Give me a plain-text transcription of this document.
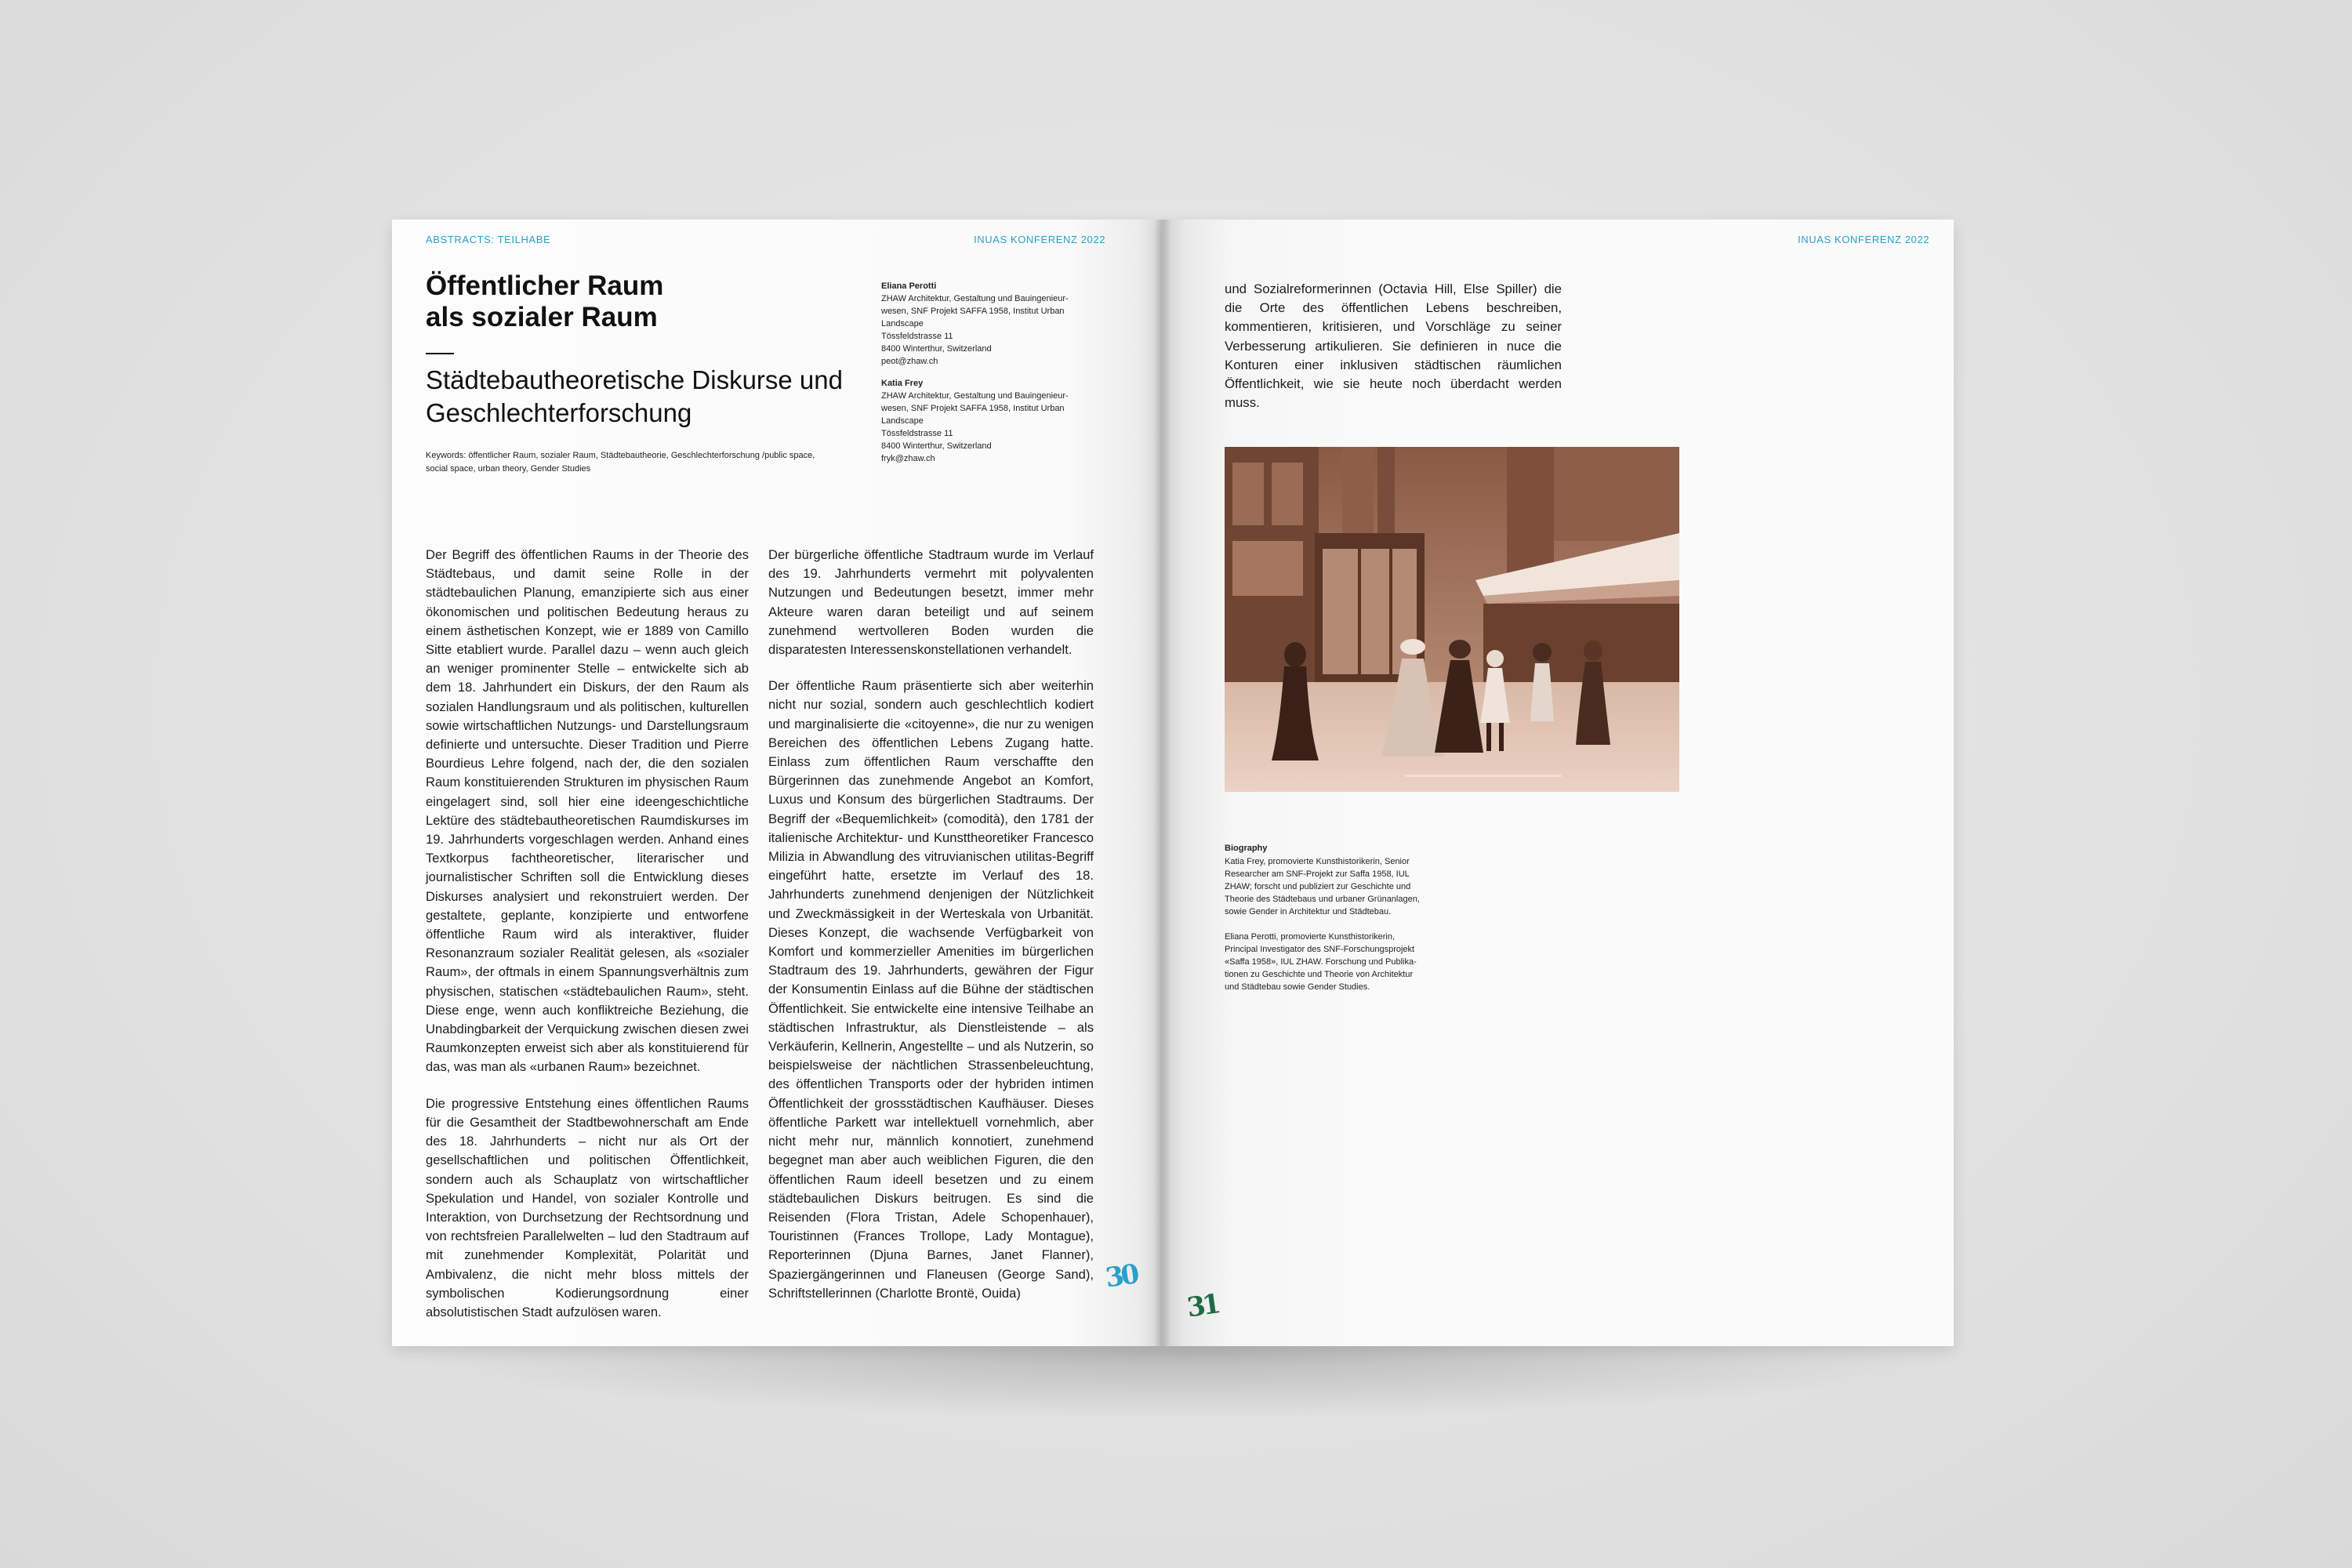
ABSTRACTS: TEILHABE	INUAS KONFERENZ 2022
Öffentlicher Raum
als sozialer Raum
Städtebautheoretische Diskurse und
Geschlechterforschung
Keywords: öffentlicher Raum, sozialer Raum, Städtebautheorie, Geschlechterforschung /public space,
social space, urban theory, Gender Studies
Eliana Perotti
ZHAW Architektur, Gestaltung und Bauingenieur-
wesen, SNF Projekt SAFFA 1958, Institut Urban
Landscape
Tössfeldstrasse 11
8400 Winterthur, Switzerland
peot@zhaw.ch
Katia Frey
ZHAW Architektur, Gestaltung und Bauingenieur-
wesen, SNF Projekt SAFFA 1958, Institut Urban
Landscape
Tössfeldstrasse 11
8400 Winterthur, Switzerland
fryk@zhaw.ch

Der Begriff des öffentlichen Raums in der Theorie des Städtebaus, und damit seine Rolle in der städtebaulichen Planung, emanzipierte sich aus einer ökonomischen und politischen Bedeutung heraus zu einem ästhetischen Konzept, wie er 1889 von Camillo Sitte etabliert wurde. Parallel dazu – wenn auch gleich an weniger prominenter Stelle – entwickelte sich ab dem 18. Jahrhundert ein Diskurs, der den Raum als sozialen Handlungsraum und als politischen, kulturellen sowie wirtschaftlichen Nutzungs- und Darstellungsraum definierte und untersuchte. Dieser Tradition und Pierre Bourdieus Lehre folgend, nach der, die den sozialen Raum konstituierenden Strukturen im physischen Raum eingelagert sind, soll hier eine ideengeschichtliche Lektüre des städtebautheoretischen Raumdiskurses im 19. Jahrhunderts vorgeschlagen werden. Anhand eines Textkorpus fachtheoretischer, literarischer und journalistischer Schriften soll die Entwicklung dieses Diskurses analysiert und rekonstruiert werden. Der gestaltete, geplante, konzipierte und entworfene öffentliche Raum wird als interaktiver, fluider Resonanzraum sozialer Realität gelesen, als «sozialer Raum», der oftmals in einem Spannungsverhältnis zum physischen, statischen «städtebaulichen Raum», steht. Diese enge, wenn auch konfliktreiche Beziehung, die Unabdingbarkeit der Verquickung zwischen diesen zwei Raumkonzepten erweist sich aber als konstituierend für das, was man als «urbanen Raum» bezeichnet.

Die progressive Entstehung eines öffentlichen Raums für die Gesamtheit der Stadtbewohnerschaft am Ende des 18. Jahrhunderts – nicht nur als Ort der gesellschaftlichen und politischen Öffentlichkeit, sondern auch als Schauplatz von wirtschaftlicher Spekulation und Handel, von sozialer Kontrolle und Interaktion, von Durchsetzung der Rechtsordnung und von rechtsfreien Parallelwelten – lud den Stadtraum auf mit zunehmender Komplexität, Polarität und Ambivalenz, die nicht mehr bloss mittels der symbolischen Kodierungsordnung einer absolutistischen Stadt aufzulösen waren.

Der bürgerliche öffentliche Stadtraum wurde im Verlauf des 19. Jahrhunderts vermehrt mit polyvalenten Nutzungen und Bedeutungen besetzt, immer mehr Akteure waren daran beteiligt und auf seinem zunehmend wertvolleren Boden wurden die disparatesten Interessenskonstellationen verhandelt.

Der öffentliche Raum präsentierte sich aber weiterhin nicht nur sozial, sondern auch geschlechtlich kodiert und marginalisierte die «citoyenne», die nur zu wenigen Bereichen des öffentlichen Lebens Zugang hatte. Einlass zum öffentlichen Raum verschaffte den Bürgerinnen das zunehmende Angebot an Komfort, Luxus und Konsum des bürgerlichen Stadtraums. Der Begriff der «Bequemlichkeit» (comodità), den 1781 der italienische Architektur- und Kunsttheoretiker Francesco Milizia in Abwandlung des vitruvianischen utilitas-Begriff eingeführt hatte, ersetzte im Verlauf des 18. Jahrhunderts zunehmend denjenigen der Nützlichkeit und Zweckmässigkeit in der Werteskala von Urbanität. Dieses Konzept, die wachsende Verfügbarkeit von Komfort und kommerzieller Amenities im bürgerlichen Stadtraum des 19. Jahrhunderts, gewähren der Figur der Konsumentin Einlass auf die Bühne der städtischen Öffentlichkeit. Sie entwickelte eine intensive Teilhabe an städtischen Infrastruktur, als Dienstleistende – als Verkäuferin, Kellnerin, Angestellte – und als Nutzerin, so beispielsweise der nächtlichen Strassenbeleuchtung, des öffentlichen Transports oder der hybriden intimen Öffentlichkeit der grossstädtischen Kaufhäuser. Dieses öffentliche Parkett war intellektuell vornehmlich, aber nicht mehr nur, männlich konnotiert, zunehmend begegnet man aber auch weiblichen Figuren, die den öffentlichen Raum ideell besetzen und zu einem städtebaulichen Diskurs beitrugen. Es sind die Reisenden (Flora Tristan, Adele Schopenhauer), Touristinnen (Frances Trollope, Lady Montague), Reporterinnen (Djuna Barnes, Janet Flanner), Spaziergängerinnen und Flaneusen (George Sand), Schriftstellerinnen (Charlotte Brontë, Ouida)	30
INUAS KONFERENZ 2022

und Sozialreformerinnen (Octavia Hill, Else Spiller) die die Orte des öffentlichen Lebens beschreiben, kommentieren, kritisieren, und Vorschläge zu seiner Verbesserung artikulieren. Sie definieren in nuce die Konturen einer inklusiven städtischen räumlichen Öffentlichkeit, wie sie heute noch überdacht werden muss.

Biography

Katia Frey, promovierte Kunsthistorikerin, Senior
Researcher am SNF-Projekt zur Saffa 1958, IUL
ZHAW; forscht und publiziert zur Geschichte und
Theorie des Städtebaus und urbaner Grünanlagen,
sowie Gender in Architektur und Städtebau.

Eliana Perotti, promovierte Kunsthistorikerin,
Principal Investigator des SNF-Forschungsprojekt
«Saffa 1958», IUL ZHAW. Forschung und Publika-
tionen zu Geschichte und Theorie von Architektur
und Städtebau sowie Gender Studies.

31
